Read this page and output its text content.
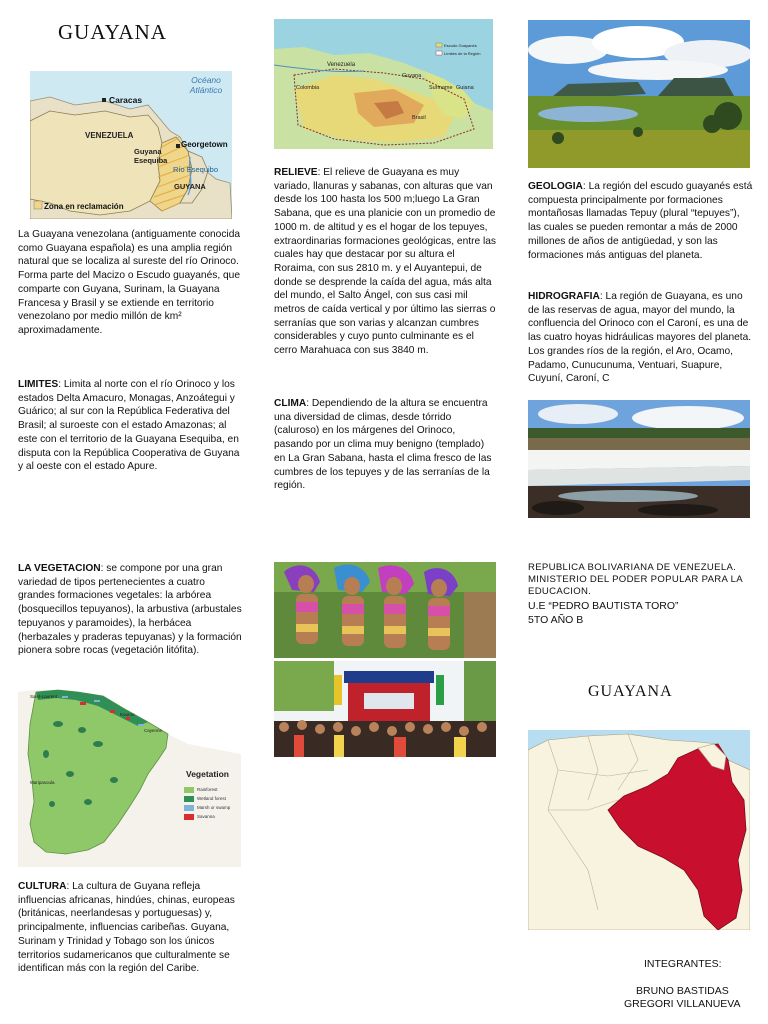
GUAYANA
Océano Atlántico
Caracas
VENEZUELA
Guyana Esequiba
Georgetown
Río Esequibo
GUYANA
Zona en reclamación

La Guayana venezolana (antiguamente conocida como Guayana española) es una amplia región natural que se localiza al sureste del río Orinoco. Forma parte del Macizo o Escudo guayanés, que comparte con Guyana, Surinam, la Guayana Francesa y Brasil y se extiende en territorio venezolano por medio millón de km² aproximadamente.

LIMITES: Limita al norte con el río Orinoco y los estados Delta Amacuro, Monagas, Anzoátegui y Guárico; al sur con la República Federativa del Brasil; al suroeste con el estado Amazonas; al este con el territorio de la Guayana Esequiba, en disputa con la República Cooperativa de Guyana y al oeste con el estado Apure.

LA VEGETACION: se compone por una gran variedad de tipos pertenecientes a cuatro grandes formaciones vegetales: la arbórea (bosquecillos tepuyanos), la arbustiva (arbustales tepuyanos y paramoides), la herbácea (herbazales y praderas tepuyanas) y la formación pionera sobre rocas (vegetación litófita).

Saint-Laurent
Kourou
Cayenne
Maripasoula
Vegetation
Rainforest
Wetland forest
Marsh or swamp
Savanna

CULTURA: La cultura de Guyana refleja influencias africanas, hindúes, chinas, europeas (británicas, neerlandesas y portuguesas) y, principalmente, influencias caribeñas. Guyana, Surinam y Trinidad y Tobago son los únicos territorios sudamericanos que culturalmente se identifican más con la región del Caribe.

Venezuela
Colombia
Guyana
Suriname Guiana
Brasil
Escudo Guayanés
Límites de la Región

RELIEVE: El relieve de Guayana es muy variado, llanuras y sabanas, con alturas que van desde los 100 hasta los 500 m;luego La Gran Sabana, que es una planicie con un promedio de 1000 m. de altitud y es el hogar de los tepuyes, extraordinarias formaciones geológicas, entre las cuales hay que destacar por su altura el Roraima, con sus 2810 m. y el Auyantepui, de donde se desprende la caída del agua, más alta del mundo, el Salto Ángel, con sus casi mil metros de caída vertical y por último las sierras o serranías que son varias y alcanzan cumbres considerables y cuyo punto culminante es el cerro Marahuaca con sus 3840 m.

CLIMA: Dependiendo de la altura se encuentra una diversidad de climas, desde tórrido (caluroso) en los márgenes del Orinoco, pasando por un clima muy benigno (templado) en La Gran Sabana, hasta el clima fresco de las cumbres de los tepuyes y de las serranías de la región.

GEOLOGIA: La región del escudo guayanés está compuesta principalmente por formaciones montañosas llamadas Tepuy (plural “tepuyes”), las cuales se pueden remontar a más de 2000 millones de años de antigüedad, y son las formaciones más antiguas del planeta.

HIDROGRAFIA: La región de Guayana, es uno de las reservas de agua, mayor del mundo, la confluencia del Orinoco con el Caroní, es una de las cuatro hoyas hidráulicas mayores del planeta. Los grandes ríos de la región, el Aro, Ocamo, Padamo, Cunucunuma, Ventuari, Suapure, Cuyuní, Caroní, C

REPUBLICA BOLIVARIANA DE VENEZUELA.
MINISTERIO DEL PODER POPULAR PARA LA EDUCACION.
U.E “PEDRO BAUTISTA TORO”
5TO AÑO B
GUAYANA
INTEGRANTES:
BRUNO BASTIDAS
GREGORI VILLANUEVA
